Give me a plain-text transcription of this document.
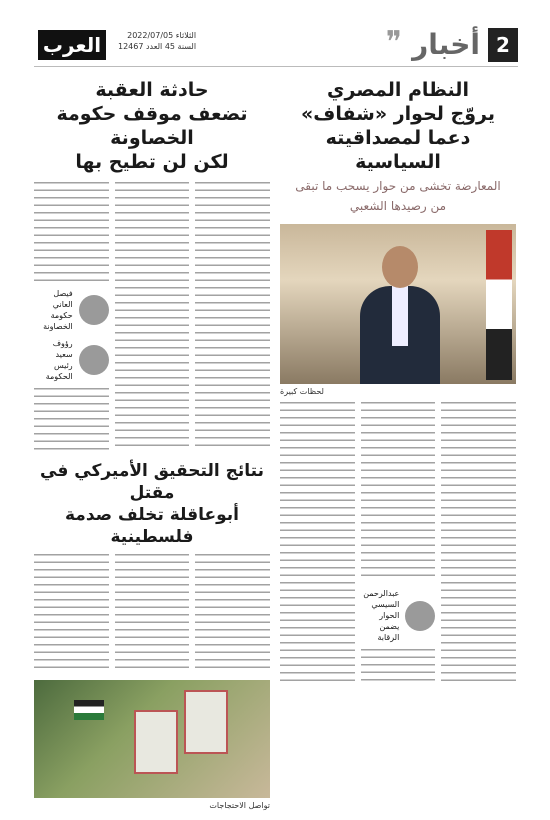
2
أخبار
❞
العرب	الثلاثاء 2022/07/05
السنة 45 العدد 12467
النظام المصري
يروّج لحوار «شفاف»
دعما لمصداقيته السياسية
المعارضة تخشى من حوار يسحب ما تبقى
من رصيدها الشعبي
لحظات كبيرة
عبدالرحمن السيسي
الحوار يضمن الرقابة
حادثة العقبة
تضعف موقف حكومة الخصاونة
لكن لن تطيح بها
فيصل العاني
حكومة الخصاونة
رؤوف سعيد
رئيس الحكومة
نتائج التحقيق الأميركي في مقتل
أبوعاقلة تخلف صدمة فلسطينية
تواصل الاحتجاجات
